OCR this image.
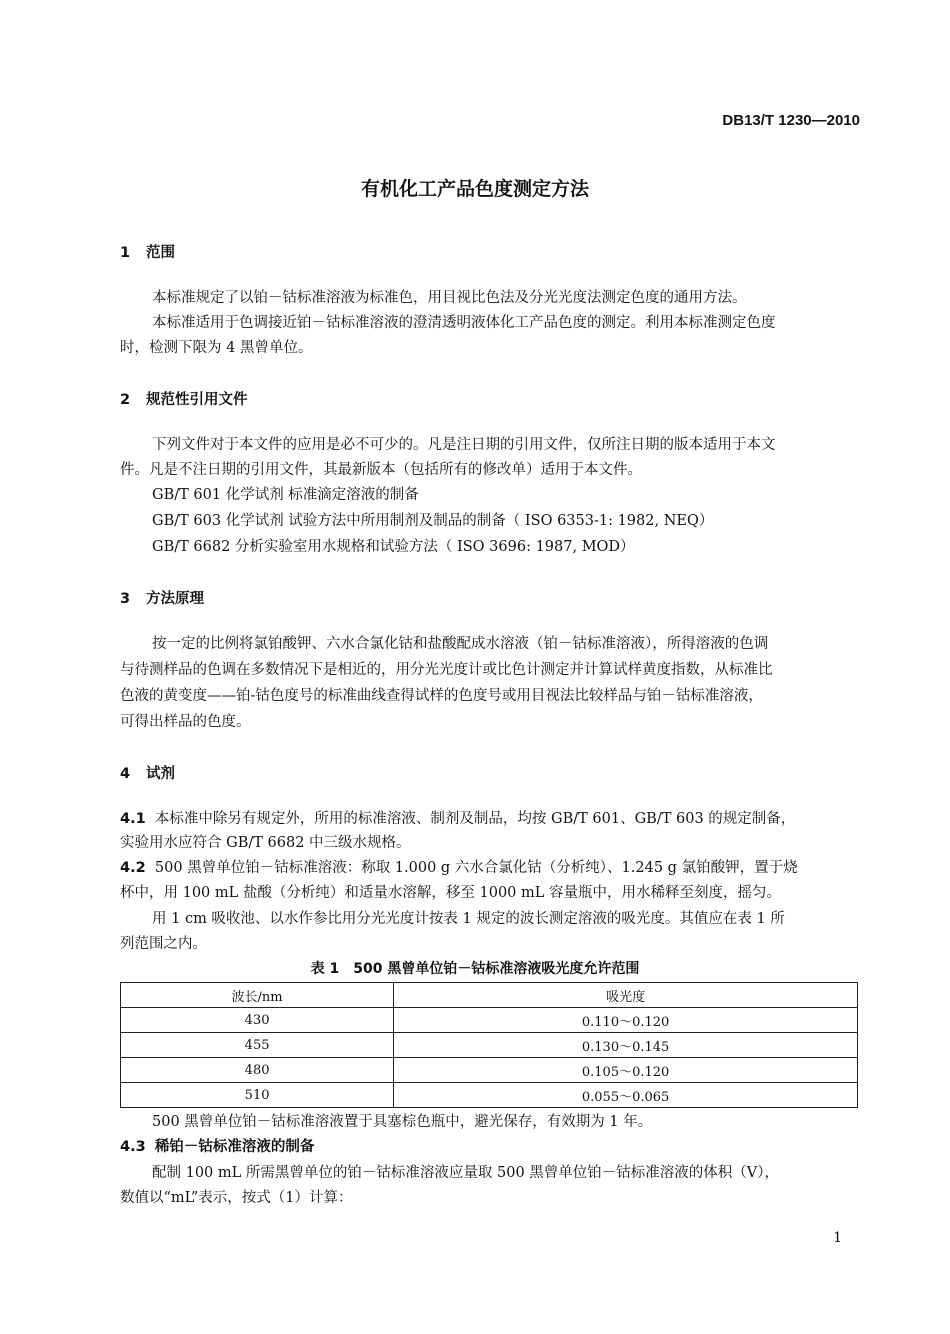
DB13/T 1230—2010
有机化工产品色度测定方法
1 范围
本标准规定了以铂－钴标准溶液为标准色，用目视比色法及分光光度法测定色度的通用方法。
本标准适用于色调接近铂－钴标准溶液的澄清透明液体化工产品色度的测定。利用本标准测定色度
时，检测下限为 4 黑曾单位。
2 规范性引用文件
下列文件对于本文件的应用是必不可少的。凡是注日期的引用文件，仅所注日期的版本适用于本文
件。凡是不注日期的引用文件，其最新版本（包括所有的修改单）适用于本文件。
GB/T 601 化学试剂 标准滴定溶液的制备
GB/T 603 化学试剂 试验方法中所用制剂及制品的制备（ ISO 6353-1: 1982, NEQ）
GB/T 6682 分析实验室用水规格和试验方法（ ISO 3696: 1987, MOD）
3 方法原理
按一定的比例将氯铂酸钾、六水合氯化钴和盐酸配成水溶液（铂－钴标准溶液），所得溶液的色调
与待测样品的色调在多数情况下是相近的，用分光光度计或比色计测定并计算试样黄度指数，从标准比
色液的黄变度——铂-钴色度号的标准曲线查得试样的色度号或用目视法比较样品与铂－钴标准溶液，
可得出样品的色度。
4 试剂
4.1 本标准中除另有规定外，所用的标准溶液、制剂及制品，均按 GB/T 601、GB/T 603 的规定制备，
实验用水应符合 GB/T 6682 中三级水规格。
4.2 500 黑曾单位铂－钴标准溶液：称取 1.000 g 六水合氯化钴（分析纯）、1.245 g 氯铂酸钾，置于烧
杯中，用 100 mL 盐酸（分析纯）和适量水溶解，移至 1000 mL 容量瓶中，用水稀释至刻度，摇匀。
用 1 cm 吸收池、以水作参比用分光光度计按表 1 规定的波长测定溶液的吸光度。其值应在表 1 所
列范围之内。
表 1　500 黑曾单位铂－钴标准溶液吸光度允许范围
波长/nm	吸光度
430	0.110～0.120
455	0.130～0.145
480	0.105～0.120
510	0.055～0.065
500 黑曾单位铂－钴标准溶液置于具塞棕色瓶中，避光保存，有效期为 1 年。
4.3 稀铂－钴标准溶液的制备
配制 100 mL 所需黑曾单位的铂－钴标准溶液应量取 500 黑曾单位铂－钴标准溶液的体积（V），
数值以“mL”表示，按式（1）计算：
1
